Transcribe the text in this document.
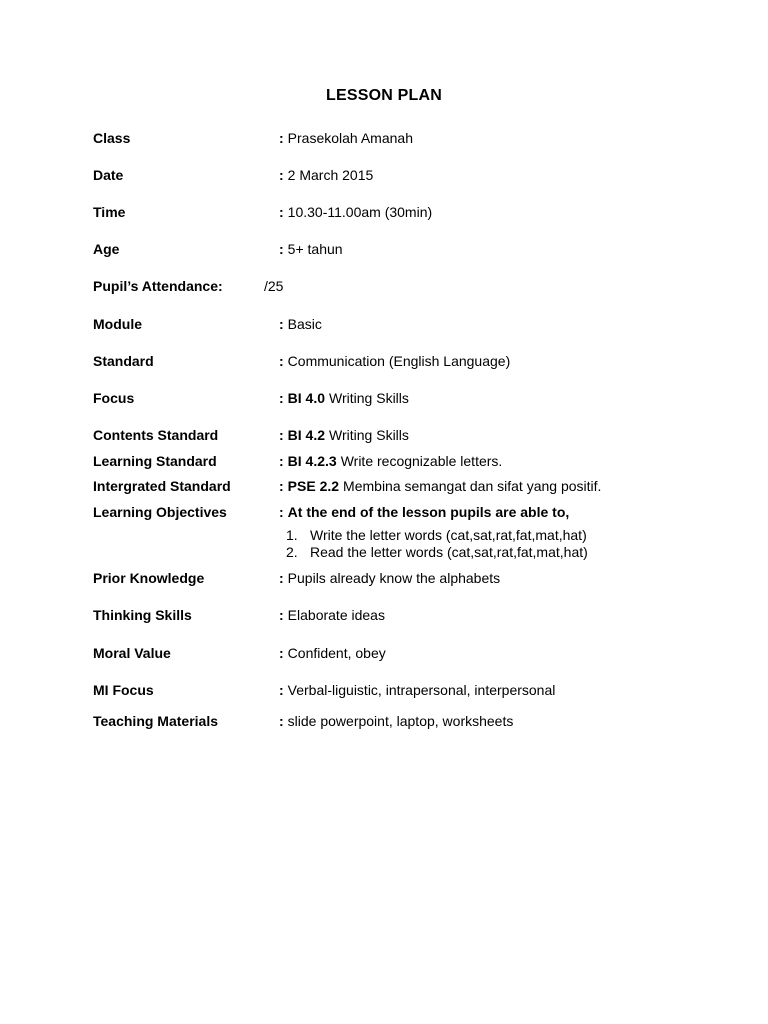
LESSON PLAN
Class	: Prasekolah Amanah
Date	: 2 March 2015
Time	: 10.30-11.00am (30min)
Age	: 5+ tahun
Pupil’s Attendance:	/25
Module	: Basic
Standard	: Communication (English Language)
Focus	: BI 4.0 Writing Skills
Contents Standard	: BI 4.2 Writing Skills
Learning Standard	: BI 4.2.3 Write recognizable letters.
Intergrated Standard	: PSE 2.2 Membina semangat dan sifat yang positif.
Learning Objectives	: At the end of the lesson pupils are able to,
1. Write the letter words (cat,sat,rat,fat,mat,hat)
2. Read the letter words (cat,sat,rat,fat,mat,hat)
Prior Knowledge	: Pupils already know the alphabets
Thinking Skills	: Elaborate ideas
Moral Value	: Confident, obey
MI Focus	: Verbal-liguistic, intrapersonal, interpersonal
Teaching Materials	: slide powerpoint, laptop, worksheets
